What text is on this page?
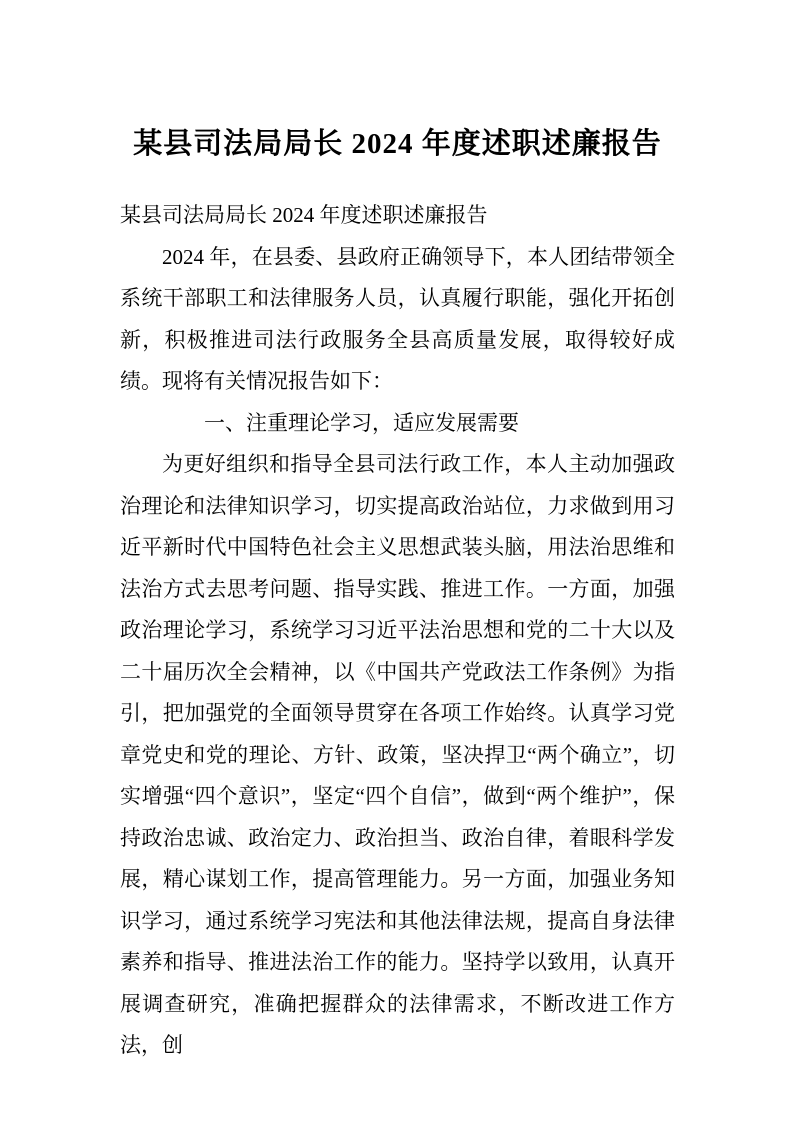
某县司法局局长 2024 年度述职述廉报告

某县司法局局长 2024 年度述职述廉报告

2024 年，在县委、县政府正确领导下，本人团结带领全系统干部职工和法律服务人员，认真履行职能，强化开拓创新，积极推进司法行政服务全县高质量发展，取得较好成绩。现将有关情况报告如下：

一、注重理论学习，适应发展需要

为更好组织和指导全县司法行政工作，本人主动加强政治理论和法律知识学习，切实提高政治站位，力求做到用习近平新时代中国特色社会主义思想武装头脑，用法治思维和法治方式去思考问题、指导实践、推进工作。一方面，加强政治理论学习，系统学习习近平法治思想和党的二十大以及二十届历次全会精神，以《中国共产党政法工作条例》为指引，把加强党的全面领导贯穿在各项工作始终。认真学习党章党史和党的理论、方针、政策，坚决捍卫“两个确立”，切实增强“四个意识”，坚定“四个自信”，做到“两个维护”，保持政治忠诚、政治定力、政治担当、政治自律，着眼科学发展，精心谋划工作，提高管理能力。另一方面，加强业务知识学习，通过系统学习宪法和其他法律法规，提高自身法律素养和指导、推进法治工作的能力。坚持学以致用，认真开展调查研究，准确把握群众的法律需求，不断改进工作方法，创
